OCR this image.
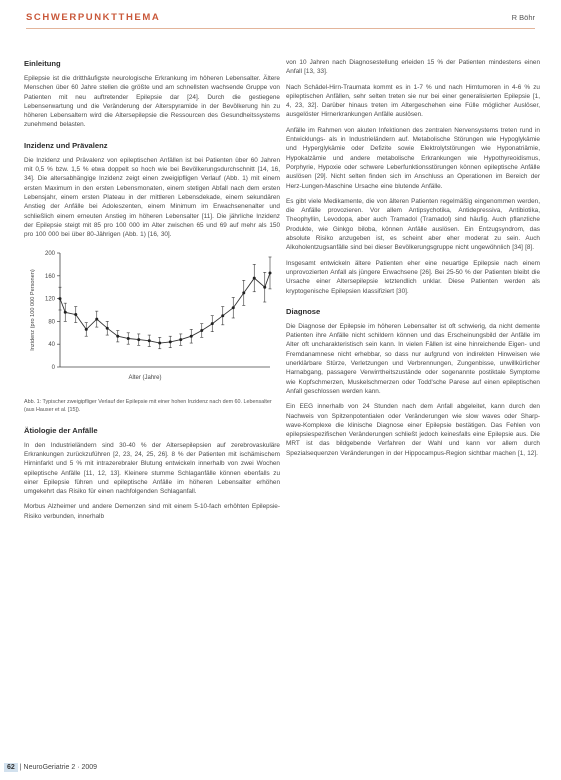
SCHWERPUNKTTHEMA	R Böhr
Einleitung

Epilepsie ist die dritthäufigste neurologische Erkrankung im höheren Lebensalter. Ältere Menschen über 60 Jahre stellen die größte und am schnellsten wachsende Gruppe von Patienten mit neu auftretender Epilepsie dar [24]. Durch die gestiegene Lebenserwartung und die Veränderung der Alterspyramide in der Bevölkerung hin zu höheren Lebensaltern wird die Altersepilepsie die Ressourcen des Gesundheitssystems zunehmend belasten.

Inzidenz und Prävalenz

Die Inzidenz und Prävalenz von epileptischen Anfällen ist bei Patienten über 60 Jahren mit 0,5 % bzw. 1,5 % etwa doppelt so hoch wie bei Bevölkerungsdurchschnitt [14, 16, 34]. Die altersabhängige Inzidenz zeigt einen zweigipfligen Verlauf (Abb. 1) mit einem ersten Maximum in den ersten Lebensmonaten, einem stetigen Abfall nach dem ersten Lebensjahr, einem ersten Plateau in der mittleren Lebensdekade, einem sekundären Anstieg der Anfälle bei Adoleszenten, einem Minimum im Erwachsenenalter und schließlich einem erneuten Anstieg im höheren Lebensalter [11]. Die jährliche Inzidenz der Epilepsie steigt mit 85 pro 100 000 im Alter zwischen 65 und 69 auf mehr als 150 pro 100 000 bei über 80-Jährigen (Abb. 1) [16, 30].

0
40
80
120
160
200
Inzidenz (pro 100 000 Personen)
Alter (Jahre)
Abb. 1: Typischer zweigipfliger Verlauf der Epilepsie mit einer hohen Inzidenz nach dem 60. Lebensalter (aus Hauser et al. [15]).
Ätiologie der Anfälle

In den Industrieländern sind 30-40 % der Altersepilepsien auf zerebrovaskuläre Erkrankungen zurückzuführen [2, 23, 24, 25, 26]. 8 % der Patienten mit ischämischem Hirninfarkt und 5 % mit intrazerebraler Blutung entwickeln innerhalb von zwei Wochen epileptische Anfälle [11, 12, 13]. Kleinere stumme Schlaganfälle können ebenfalls zu einer Epilepsie führen und epileptische Anfälle im höheren Lebensalter erhöhen umgekehrt das Risiko für einen nachfolgenden Schlaganfall.

Morbus Alzheimer und andere Demenzen sind mit einem 5-10-fach erhöhten Epilepsie-Risiko verbunden, innerhalb

von 10 Jahren nach Diagnosestellung erleiden 15 % der Patienten mindestens einen Anfall [13, 33].

Nach Schädel-Hirn-Traumata kommt es in 1-7 % und nach Hirntumoren in 4-6 % zu epileptischen Anfällen, sehr selten treten sie nur bei einer generalisierten Epilepsie [1, 4, 23, 32]. Darüber hinaus treten im Altergeschehen eine Fülle möglicher Auslöser, ausgelöster Hirnerkrankungen Anfälle auslösen.

Anfälle im Rahmen von akuten Infektionen des zentralen Nervensystems treten rund in Entwicklungs- als in Industrieländern auf. Metabolische Störungen wie Hypoglykämie und Hyperglykämie oder Defizite sowie Elektrolytstörungen wie Hyponatriämie, Hypokalzämie und andere metabolische Erkrankungen wie Hypothyreoidismus, Porphyrie, Hypoxie oder schwere Leberfunktionsstörungen können epileptische Anfälle auslösen [29]. Nicht selten finden sich im Anschluss an Operationen im Bereich der Herz-Lungen-Maschine Ursache eine blutende Anfälle.

Es gibt viele Medikamente, die von älteren Patienten regelmäßig eingenommen werden, die Anfälle provozieren. Vor allem Antipsychotika, Antidepressiva, Antibiotika, Theophyllin, Levodopa, aber auch Tramadol (Tramadol) sind häufig. Auch pflanzliche Produkte, wie Ginkgo biloba, können Anfälle auslösen. Ein Entzugsyndrom, das absolute Risiko anzugeben ist, es scheint aber eher moderat zu sein. Auch Alkoholentzugsanfälle sind bei dieser Bevölkerungsgruppe nicht ungewöhnlich [34] [8].

Insgesamt entwickeln ältere Patienten eher eine neuartige Epilepsie nach einem unprovozierten Anfall als jüngere Erwachsene [26]. Bei 25-50 % der Patienten bleibt die Ursache einer Altersepilepsie letztendlich unklar. Diese Patienten werden als kryptogenische Epilepsien klassifiziert [30].

Diagnose

Die Diagnose der Epilepsie im höheren Lebensalter ist oft schwierig, da nicht demente Patienten ihre Anfälle nicht schildern können und das Erscheinungsbild der Anfälle im Alter oft uncharakteristisch sein kann. In vielen Fällen ist eine hinreichende Eigen- und Fremdanamnese nicht erhebbar, so dass nur aufgrund von indirekten Hinweisen wie unerklärbare Stürze, Verletzungen und Verbrennungen, Zungenbisse, unwillkürlicher Harnabgang, passagere Verwirrtheitszustände oder sogenannte postiktale Symptome wie Kopfschmerzen, Muskelschmerzen oder Todd'sche Parese auf einen epileptischen Anfall geschlossen werden kann.

Ein EEG innerhalb von 24 Stunden nach dem Anfall abgeleitet, kann durch den Nachweis von Spitzenpotentialen oder Veränderungen wie slow waves oder Sharp-wave-Komplexe die klinische Diagnose einer Epilepsie bestätigen. Das Fehlen von epilepsiespezifischen Veränderungen schließt jedoch keinesfalls eine Epilepsie aus. Die MRT ist das bildgebende Verfahren der Wahl und kann vor allem durch Spezialsequenzen Veränderungen in der Hippocampus-Region sichtbar machen [1, 12].

62 | NeuroGeriatrie 2 · 2009
